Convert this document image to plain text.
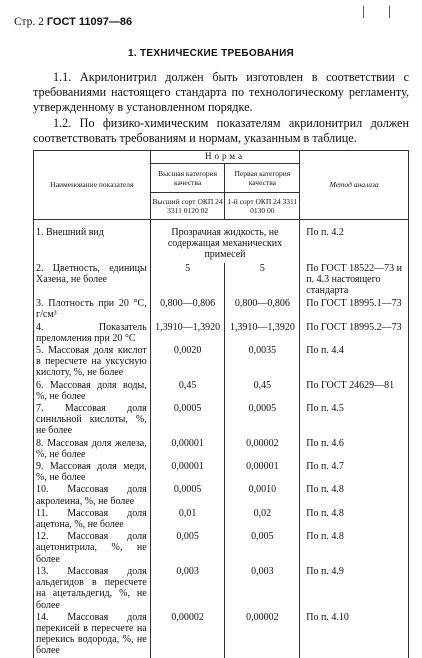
Стр. 2 ГОСТ 11097—86
| |
1. ТЕХНИЧЕСКИЕ ТРЕБОВАНИЯ
1.1. Акрилонитрил должен быть изготовлен в соответствии с требованиями настоящего стандарта по технологическому регламенту, утвержденному в установленном порядке.
1.2. По физико-химическим показателям акрилонитрил должен соответствовать требованиям и нормам, указанным в таблице.
Наименование показателя	Норма		Метод анализа
	Высшая категория качества	Первая категория качества	
	Высший сорт ОКП 24 3311 0120 02	1-й сорт ОКП 24 3311 0130 00	
1. Внешний вид	Прозрачная жидкость, не содержащая механических примесей		По п. 4.2
2. Цветность, единицы Хазена, не более	5	5	По ГОСТ 18522—73 и п. 4.3 настоящего стандарта
3. Плотность при 20 °С, г/см³	0,800—0,806	0,800—0,806	По ГОСТ 18995.1—73
4. Показатель преломления при 20 °С	1,3910—1,3920	1,3910—1,3920	По ГОСТ 18995.2—73
5. Массовая доля кислот в пересчете на уксусную кислоту, %, не более	0,0020	0,0035	По п. 4.4
6. Массовая доля воды, %, не более	0,45	0,45	По ГОСТ 24629—81
7. Массовая доля синильной кислоты, %, не более	0,0005	0,0005	По п. 4.5
8. Массовая доля железа, %, не более	0,00001	0,00002	По п. 4.6
9. Массовая доля меди, %, не более	0,00001	0,00001	По п. 4.7
10. Массовая доля акролеина, %, не более	0,0005	0,0010	По п. 4.8
11. Массовая доля ацетона, %, не более	0,01	0,02	По п. 4.8
12. Массовая доля ацетонитрила, %, не более	0,005	0,005	По п. 4.8
13. Массовая доля альдегидов в пересчете на ацетальдегид, %, не более	0,003	0,003	По п. 4.9
14. Массовая доля перекисей в пересчете на перекись водорода, %, не более	0,00002	0,00002	По п. 4.10
